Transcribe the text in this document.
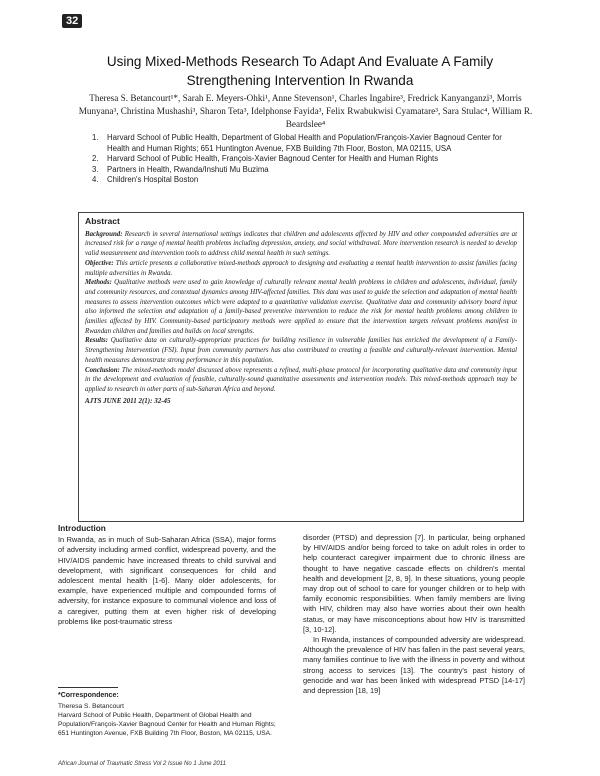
32
Using Mixed-Methods Research To Adapt And Evaluate A Family
Strengthening Intervention In Rwanda
Theresa S. Betancourt¹*, Sarah E. Meyers-Ohki¹, Anne Stevenson¹, Charles Ingabire³, Fredrick Kanyanganzi³, Morris Munyana³, Christina Mushashi³, Sharon Teta³, Idelphonse Fayida³, Felix Rwabukwisi Cyamatare³, Sara Stulac⁴, William R. Beardslee⁴
1.	Harvard School of Public Health, Department of Global Health and Population/François-Xavier Bagnoud Center for Health and Human Rights; 651 Huntington Avenue, FXB Building 7th Floor, Boston, MA 02115, USA
2.	Harvard School of Public Health, François-Xavier Bagnoud Center for Health and Human Rights
3.	Partners in Health, Rwanda/Inshuti Mu Buzima
4.	Children's Hospital Boston
Abstract

Background: Research in several international settings indicates that children and adolescents affected by HIV and other compounded adversities are at increased risk for a range of mental health problems including depression, anxiety, and social withdrawal. More intervention research is needed to develop valid measurement and intervention tools to address child mental health in such settings.

Objective: This article presents a collaborative mixed-methods approach to designing and evaluating a mental health intervention to assist families facing multiple adversities in Rwanda.

Methods: Qualitative methods were used to gain knowledge of culturally relevant mental health problems in children and adolescents, individual, family and community resources, and contextual dynamics among HIV-affected families. This data was used to guide the selection and adaptation of mental health measures to assess intervention outcomes which were adapted to a quantitative validation exercise. Qualitative data and community advisory board input also informed the selection and adaptation of a family-based preventive intervention to reduce the risk for mental health problems among children in families affected by HIV. Community-based participatory methods were applied to ensure that the intervention targets relevant problems manifest in Rwandan children and families and builds on local strengths.

Results: Qualitative data on culturally-appropriate practices for building resilience in vulnerable families has enriched the development of a Family-Strengthening Intervention (FSI). Input from community partners has also contributed to creating a feasible and culturally-relevant intervention. Mental health measures demonstrate strong performance in this population.

Conclusion: The mixed-methods model discussed above represents a refined, multi-phase protocol for incorporating qualitative data and community input in the development and evaluation of feasible, culturally-sound quantitative assessments and intervention models. This mixed-methods approach may be applied to research in other parts of sub-Saharan Africa and beyond.

AJTS JUNE 2011 2(1): 32-45
Introduction

In Rwanda, as in much of Sub-Saharan Africa (SSA), major forms of adversity including armed conflict, widespread poverty, and the HIV/AIDS pandemic have increased threats to child survival and development, with significant consequences for child and adolescent mental health [1-6]. Many older adolescents, for example, have experienced multiple and compounded forms of adversity, for instance exposure to communal violence and loss of a caregiver, putting them at even higher risk of developing problems like post-traumatic stress

disorder (PTSD) and depression [7]. In particular, being orphaned by HIV/AIDS and/or being forced to take on adult roles in order to help counteract caregiver impairment due to chronic illness are thought to have negative cascade effects on children's mental health and development [2, 8, 9]. In these situations, young people may drop out of school to care for younger children or to help with family economic responsibilities. When family members are living with HIV, children may also have worries about their own health status, or may have misconceptions about how HIV is transmitted [3, 10-12].

In Rwanda, instances of compounded adversity are widespread. Although the prevalence of HIV has fallen in the past several years, many families continue to live with the illness in poverty and without strong access to services [13]. The country's past history of genocide and war has been linked with widespread PTSD [14-17] and depression [18, 19]

*Correspondence:
Theresa S. Betancourt
Harvard School of Public Health, Department of Global Health and Population/François-Xavier Bagnoud Center for Health and Human Rights; 651 Huntington Avenue, FXB Building 7th Floor, Boston, MA 02115, USA.
African Journal of Traumatic Stress Vol 2 Issue No 1 June 2011
